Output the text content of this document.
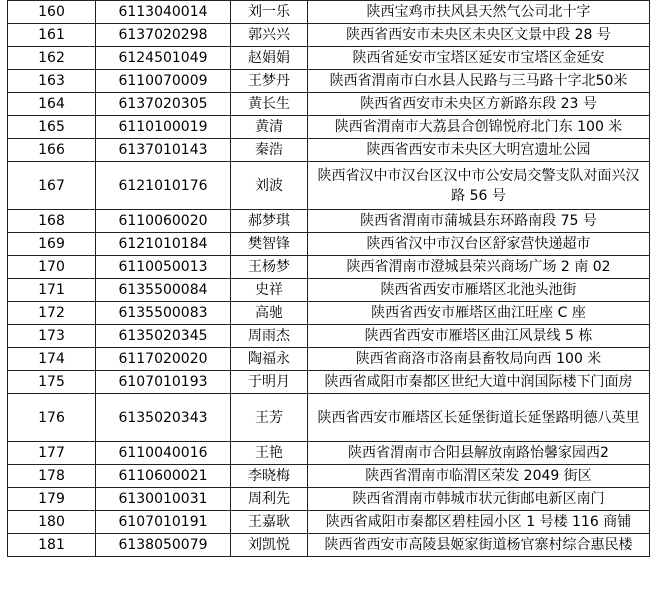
160	6113040014	刘一乐	陕西宝鸡市扶风县天然气公司北十字
161	6137020298	郭兴兴	陕西省西安市未央区未央区文景中段 28 号
162	6124501049	赵娟娟	陕西省延安市宝塔区延安市宝塔区金延安
163	6110070009	王梦丹	陕西省渭南市白水县人民路与三马路十字北50米
164	6137020305	黄长生	陕西省西安市未央区方新路东段 23 号
165	6110100019	黄清	陕西省渭南市大荔县合创锦悦府北门东 100 米
166	6137010143	秦浩	陕西省西安市未央区大明宫遗址公园
167	6121010176	刘波	陕西省汉中市汉台区汉中市公安局交警支队对面兴汉路 56 号
168	6110060020	郝梦琪	陕西省渭南市蒲城县东环路南段 75 号
169	6121010184	樊智锋	陕西省汉中市汉台区舒家营快递超市
170	6110050013	王杨梦	陕西省渭南市澄城县荣兴商场广场 2 南 02
171	6135500084	史祥	陕西省西安市雁塔区北池头池街
172	6135500083	高驰	陕西省西安市雁塔区曲江旺座 C 座
173	6135020345	周雨杰	陕西省西安市雁塔区曲江风景线 5 栋
174	6117020020	陶福永	陕西省商洛市洛南县畜牧局向西 100 米
175	6107010193	于明月	陕西省咸阳市秦都区世纪大道中润国际楼下门面房
176	6135020343	王芳	陕西省西安市雁塔区长延堡街道长延堡路明德八英里
177	6110040016	王艳	陕西省渭南市合阳县解放南路怡馨家园西2
178	6110600021	李晓梅	陕西省渭南市临渭区荣发 2049 街区
179	6130010031	周利先	陕西省渭南市韩城市状元街邮电新区南门
180	6107010191	王嘉耿	陕西省咸阳市秦都区碧桂园小区 1 号楼 116 商铺
181	6138050079	刘凯悦	陕西省西安市高陵县姬家街道杨官寨村综合惠民楼
